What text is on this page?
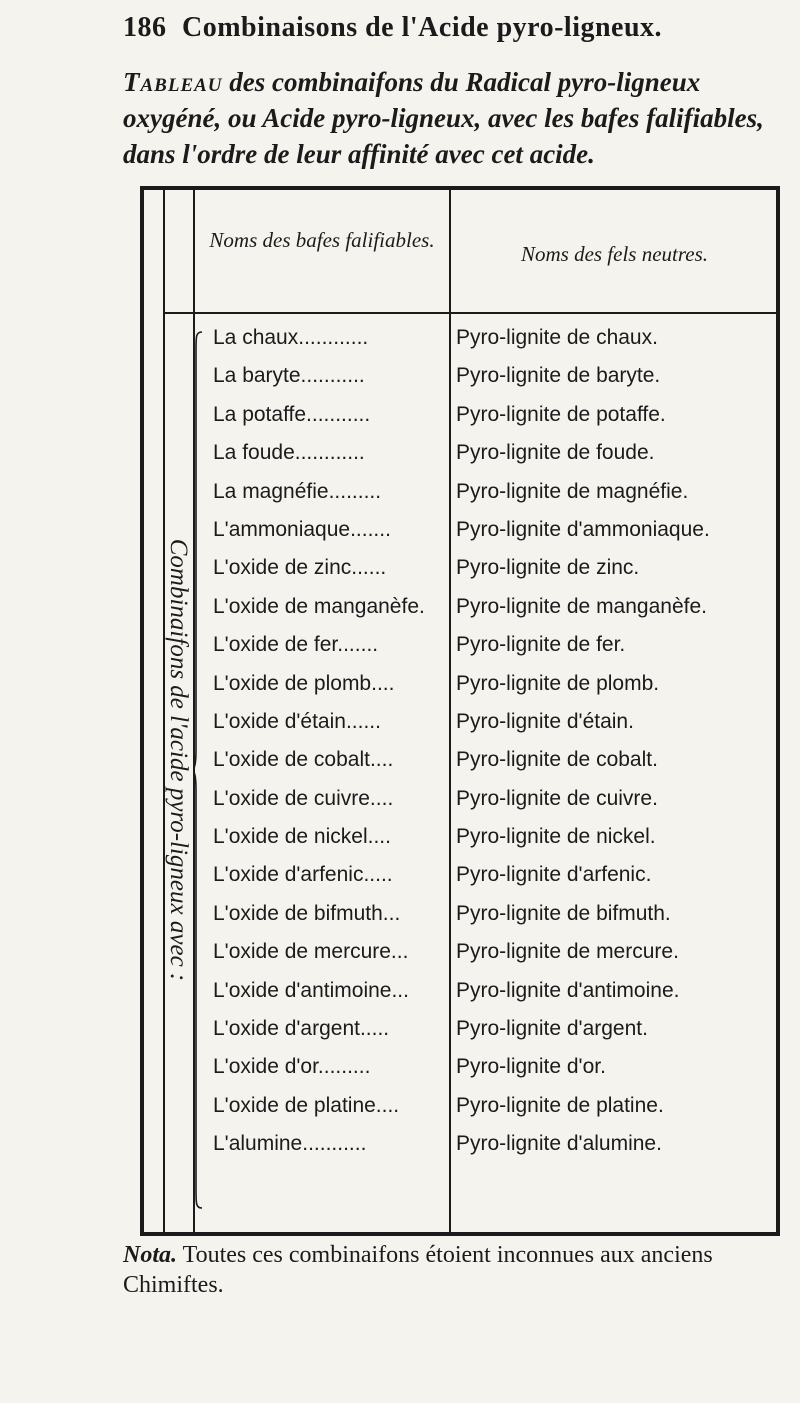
186 Combinaisons de l'Acide pyro-ligneux.
Tableau des combinaifons du Radical pyro-ligneux oxygéné, ou Acide pyro-ligneux, avec les bafes falifiables, dans l'ordre de leur affinité avec cet acide.
Noms des bafes falifiables.
Noms des fels neutres.
Combinaifons de l'acide pyro-ligneux avec :
La chaux............	Pyro-lignite de chaux.
La baryte...........	Pyro-lignite de baryte.
La potaffe...........	Pyro-lignite de potaffe.
La foude............	Pyro-lignite de foude.
La magnéfie.........	Pyro-lignite de magnéfie.
L'ammoniaque.......	Pyro-lignite d'ammoniaque.
L'oxide de zinc......	Pyro-lignite de zinc.
L'oxide de manganèfe.	Pyro-lignite de manganèfe.
L'oxide de fer.......	Pyro-lignite de fer.
L'oxide de plomb....	Pyro-lignite de plomb.
L'oxide d'étain......	Pyro-lignite d'étain.
L'oxide de cobalt....	Pyro-lignite de cobalt.
L'oxide de cuivre....	Pyro-lignite de cuivre.
L'oxide de nickel....	Pyro-lignite de nickel.
L'oxide d'arfenic.....	Pyro-lignite d'arfenic.
L'oxide de bifmuth...	Pyro-lignite de bifmuth.
L'oxide de mercure...	Pyro-lignite de mercure.
L'oxide d'antimoine...	Pyro-lignite d'antimoine.
L'oxide d'argent.....	Pyro-lignite d'argent.
L'oxide d'or.........	Pyro-lignite d'or.
L'oxide de platine....	Pyro-lignite de platine.
L'alumine...........	Pyro-lignite d'alumine.
Nota. Toutes ces combinaifons étoient inconnues aux anciens Chimiftes.
